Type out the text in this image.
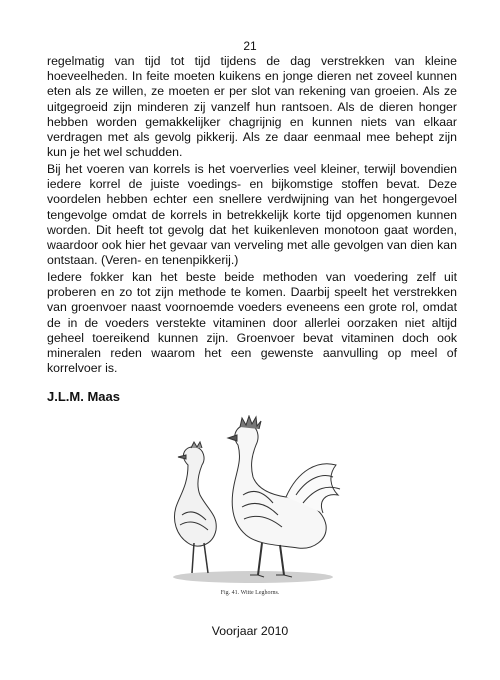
21

regelmatig van tijd tot tijd tijdens de dag verstrekken van kleine hoeveelheden. In feite moeten kuikens en jonge dieren net zoveel kunnen eten als ze willen, ze moeten er per slot van rekening van groeien. Als ze uitgegroeid zijn minderen zij vanzelf hun rantsoen. Als de dieren honger hebben worden gemakkelijker chagrijnig en kunnen niets van elkaar verdragen met als gevolg pikkerij. Als ze daar eenmaal mee behept zijn kun je het wel schudden.

Bij het voeren van korrels is het voerverlies veel kleiner, terwijl bovendien iedere korrel de juiste voedings- en bijkomstige stoffen bevat. Deze voordelen hebben echter een snellere verdwijning van het hongergevoel tengevolge omdat de korrels in betrekkelijk korte tijd opgenomen kunnen worden. Dit heeft tot gevolg dat het kuikenleven monotoon gaat worden, waardoor ook hier het gevaar van verveling met alle gevolgen van dien kan ontstaan. (Veren- en tenenpikkerij.)

Iedere fokker kan het beste beide methoden van voedering zelf uit proberen en zo tot zijn methode te komen. Daarbij speelt het verstrekken van groenvoer naast voornoemde voeders eveneens een grote rol, omdat de in de voeders verstekte vitaminen door allerlei oorzaken niet altijd geheel toereikend kunnen zijn. Groenvoer bevat vitaminen doch ook mineralen reden waarom het een gewenste aanvulling op meel of korrelvoer is.

J.L.M. Maas
Fig. 41. Witte Leghorns.
Voorjaar 2010
